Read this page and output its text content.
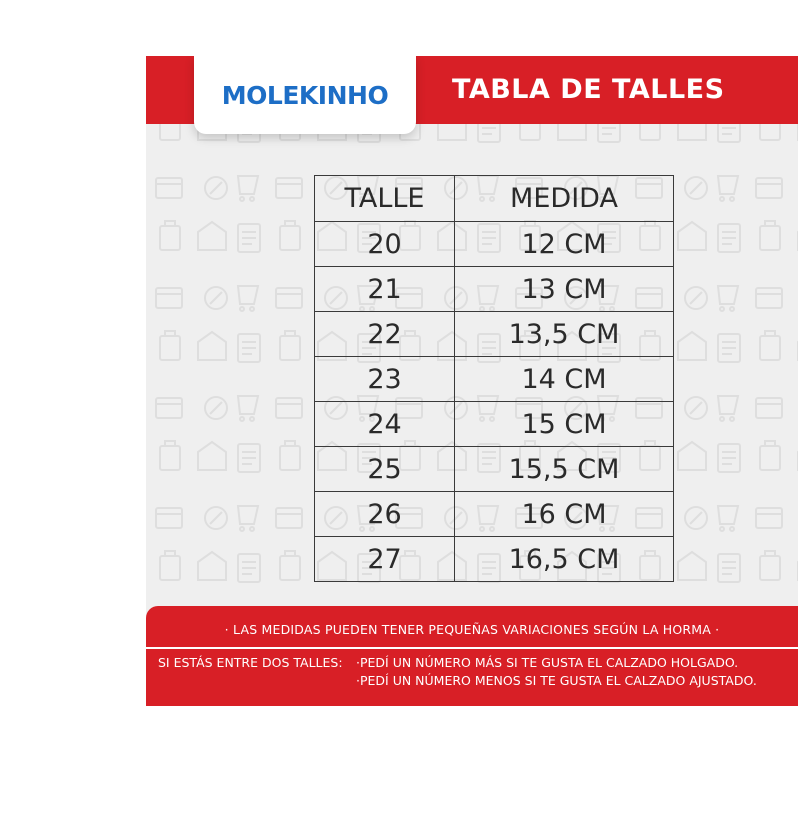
TABLA DE TALLES
MOLEKINHO
TALLE	MEDIDA
20	12 CM
21	13 CM
22	13,5 CM
23	14 CM
24	15 CM
25	15,5 CM
26	16 CM
27	16,5 CM
· LAS MEDIDAS PUEDEN TENER PEQUEÑAS VARIACIONES SEGÚN LA HORMA ·
SI ESTÁS ENTRE DOS TALLES: ·PEDÍ UN NÚMERO MÁS SI TE GUSTA EL CALZADO HOLGADO.
·PEDÍ UN NÚMERO MENOS SI TE GUSTA EL CALZADO AJUSTADO.
